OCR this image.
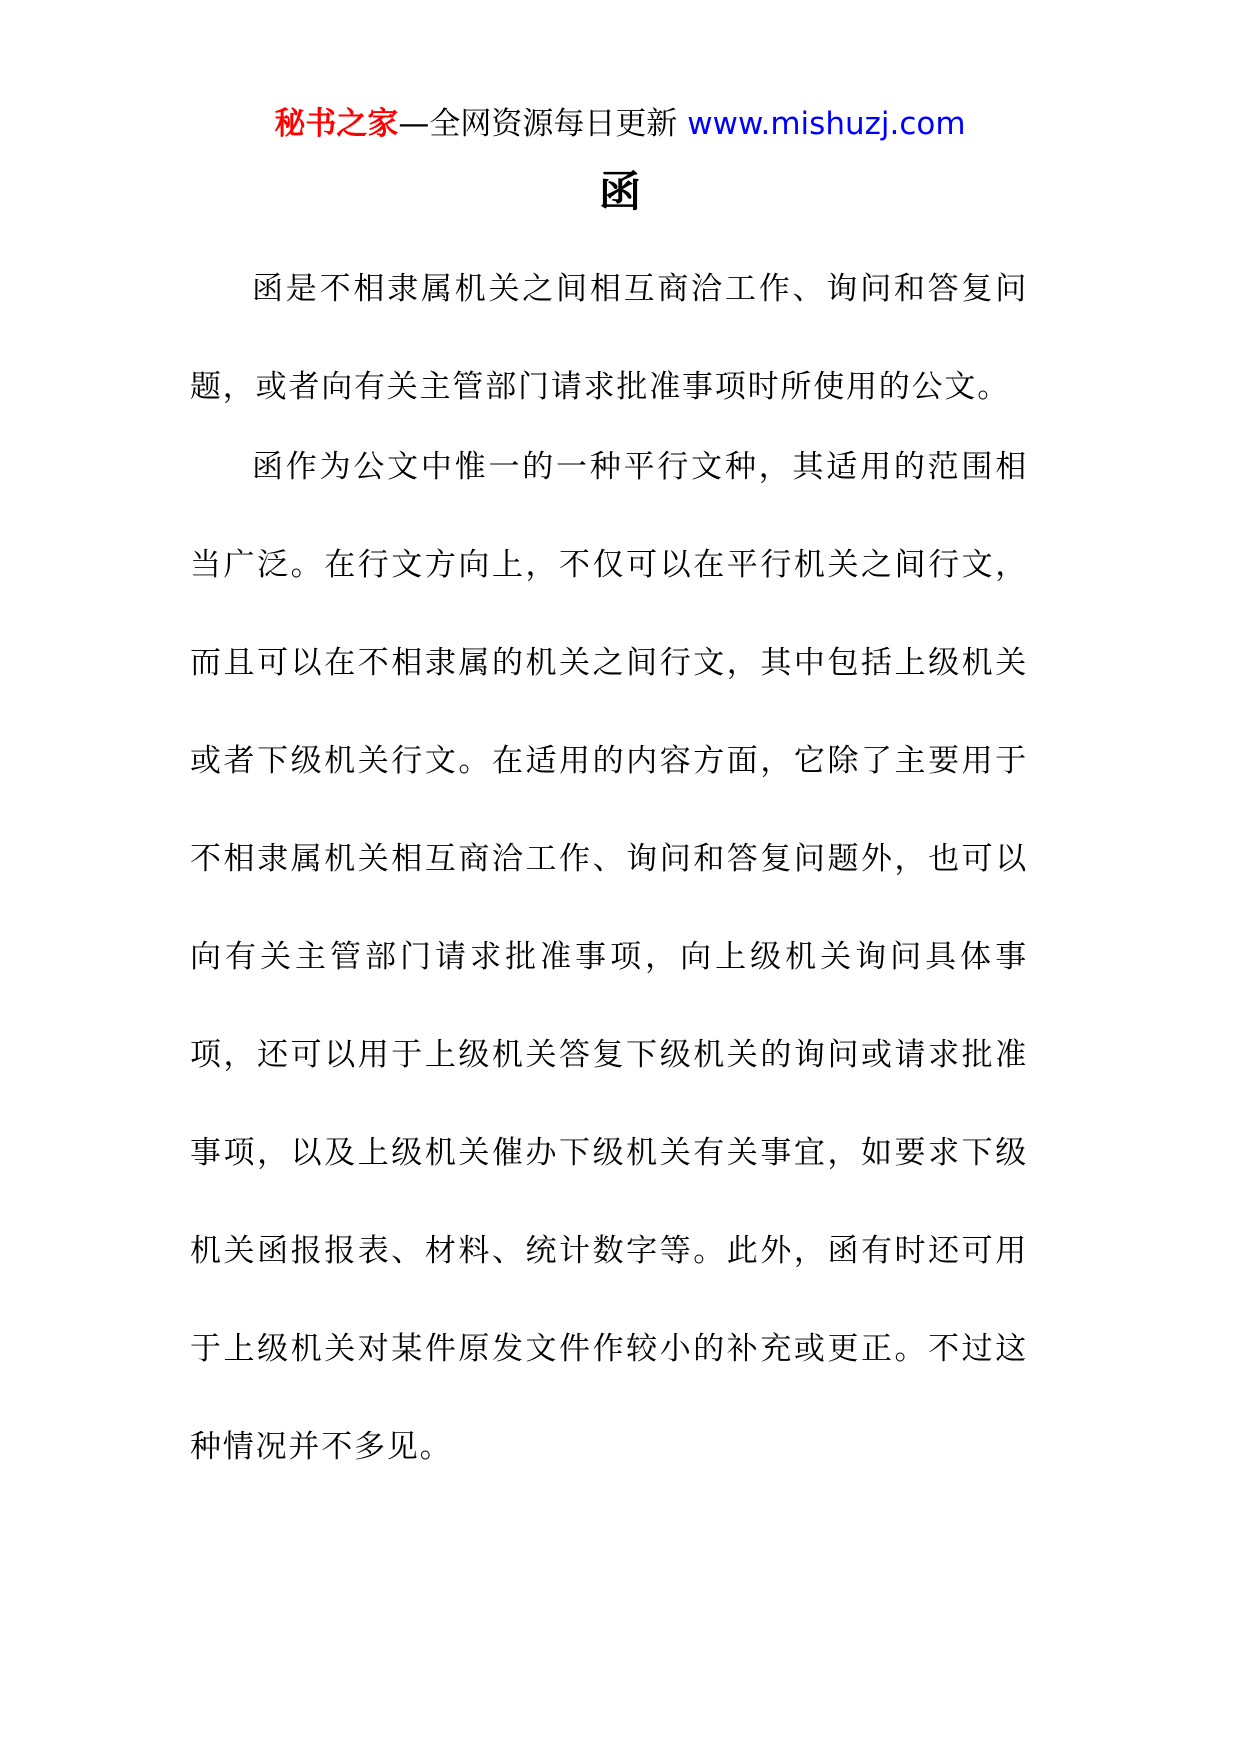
秘书之家—全网资源每日更新 www.mishuzj.com
函

函是不相隶属机关之间相互商洽工作、询问和答复问题，或者向有关主管部门请求批准事项时所使用的公文。

函作为公文中惟一的一种平行文种，其适用的范围相当广泛。在行文方向上，不仅可以在平行机关之间行文，而且可以在不相隶属的机关之间行文，其中包括上级机关或者下级机关行文。在适用的内容方面，它除了主要用于不相隶属机关相互商洽工作、询问和答复问题外，也可以向有关主管部门请求批准事项，向上级机关询问具体事项，还可以用于上级机关答复下级机关的询问或请求批准事项，以及上级机关催办下级机关有关事宜，如要求下级机关函报报表、材料、统计数字等。此外，函有时还可用于上级机关对某件原发文件作较小的补充或更正。不过这种情况并不多见。
